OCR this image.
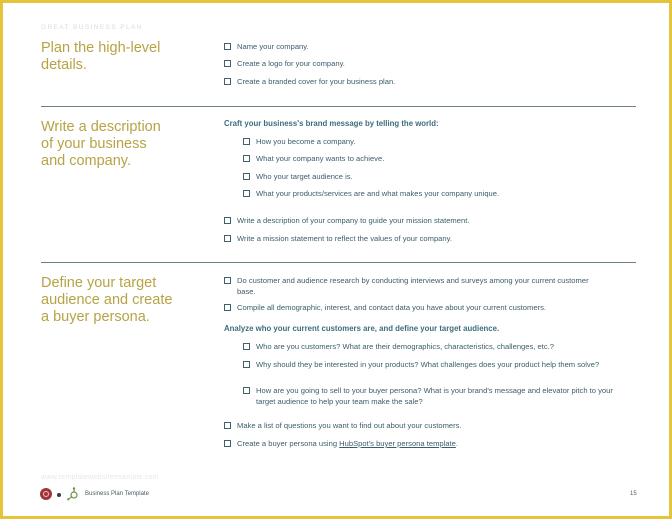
GREAT BUSINESS PLAN
Plan the high-level
details.
Name your company.
Create a logo for your company.
Create a branded cover for your business plan.
Write a description
of your business
and company.
Craft your business's brand message by telling the world:
How you become a company.
What your company wants to achieve.
Who your target audience is.
What your products/services are and what makes your company unique.
Write a description of your company to guide your mission statement.
Write a mission statement to reflect the values of your company.
Define your target
audience and create
a buyer persona.
Do customer and audience research by conducting interviews and surveys among your current customer base.
Compile all demographic, interest, and contact data you have about your current customers.
Analyze who your current customers are, and define your target audience.
Who are you customers? What are their demographics, characteristics, challenges, etc.?
Why should they be interested in your products? What challenges does your product help them solve?
How are you going to sell to your buyer persona? What is your brand's message and elevator pitch to your target audience to help your team make the sale?
Make a list of questions you want to find out about your customers.
Create a buyer persona using HubSpot's buyer persona template.
www.templatewebsiteexample.com
Business Plan Template	15
